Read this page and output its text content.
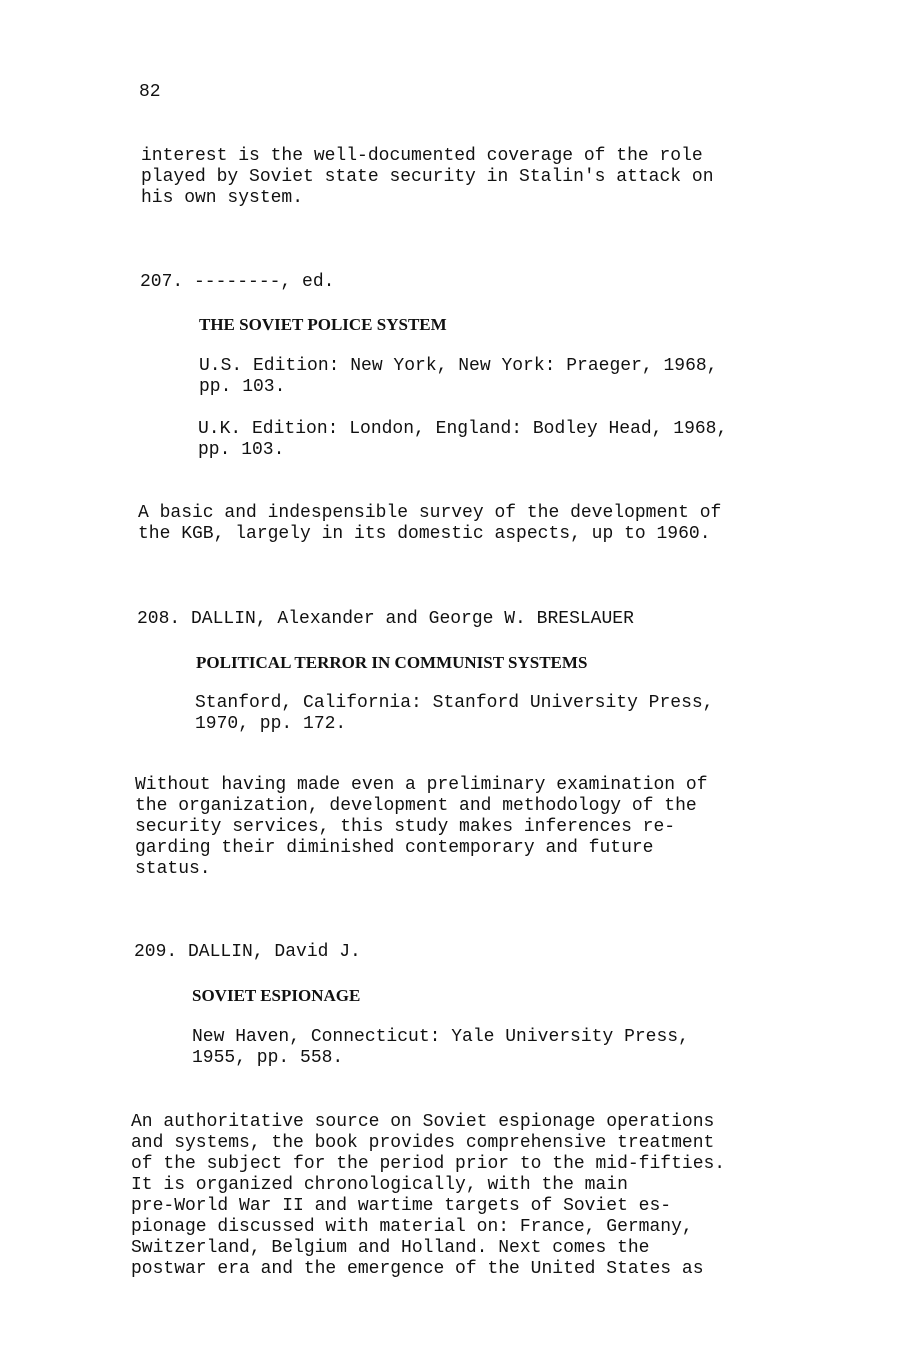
82
interest is the well-documented coverage of the role
played by Soviet state security in Stalin's attack on
his own system.
207. --------, ed.
THE SOVIET POLICE SYSTEM
U.S. Edition: New York, New York: Praeger, 1968,
pp. 103.
U.K. Edition: London, England: Bodley Head, 1968,
pp. 103.
A basic and indespensible survey of the development of
the KGB, largely in its domestic aspects, up to 1960.
208. DALLIN, Alexander and George W. BRESLAUER
POLITICAL TERROR IN COMMUNIST SYSTEMS
Stanford, California: Stanford University Press,
1970, pp. 172.
Without having made even a preliminary examination of
the organization, development and methodology of the
security services, this study makes inferences re-
garding their diminished contemporary and future
status.
209. DALLIN, David J.
SOVIET ESPIONAGE
New Haven, Connecticut: Yale University Press,
1955, pp. 558.
An authoritative source on Soviet espionage operations
and systems, the book provides comprehensive treatment
of the subject for the period prior to the mid-fifties.
It is organized chronologically, with the main
pre-World War II and wartime targets of Soviet es-
pionage discussed with material on: France, Germany,
Switzerland, Belgium and Holland. Next comes the
postwar era and the emergence of the United States as
